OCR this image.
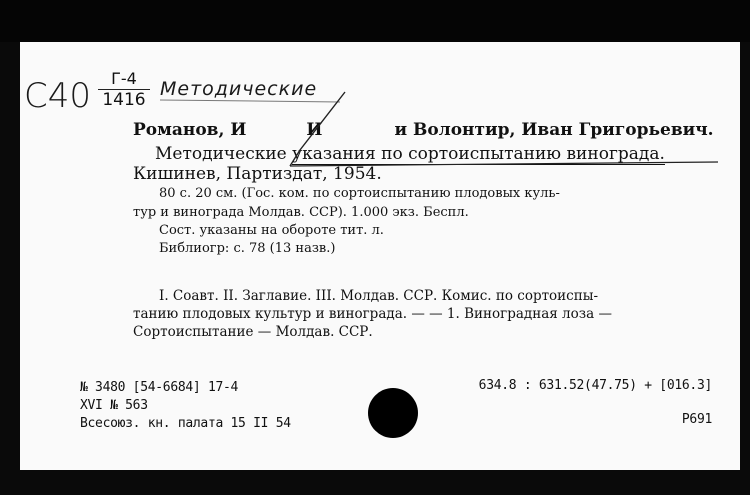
С40	Г-4
1416 Методические
Романов, И	И	и Волонтир, Иван Григорьевич.
Методические указания по сортоиспытанию винограда.
Кишинев, Партиздат, 1954.
80 с. 20 см. (Гос. ком. по сортоиспытанию плодовых куль-
тур и винограда Молдав. ССР). 1.000 экз. Беспл.
Сост. указаны на обороте тит. л.
Библиогр: с. 78 (13 назв.)
I. Соавт. II. Заглавие. III. Молдав. ССР. Комис. по сортоиспы-
танию плодовых культур и винограда. — — 1. Виноградная лоза —
Сортоиспытание — Молдав. ССР.
№ 3480 [54-6684] 17-4
XVI № 563
Всесоюз. кн. палата 15 II 54
634.8 : 631.52(47.75) + [016.3]
Р691
